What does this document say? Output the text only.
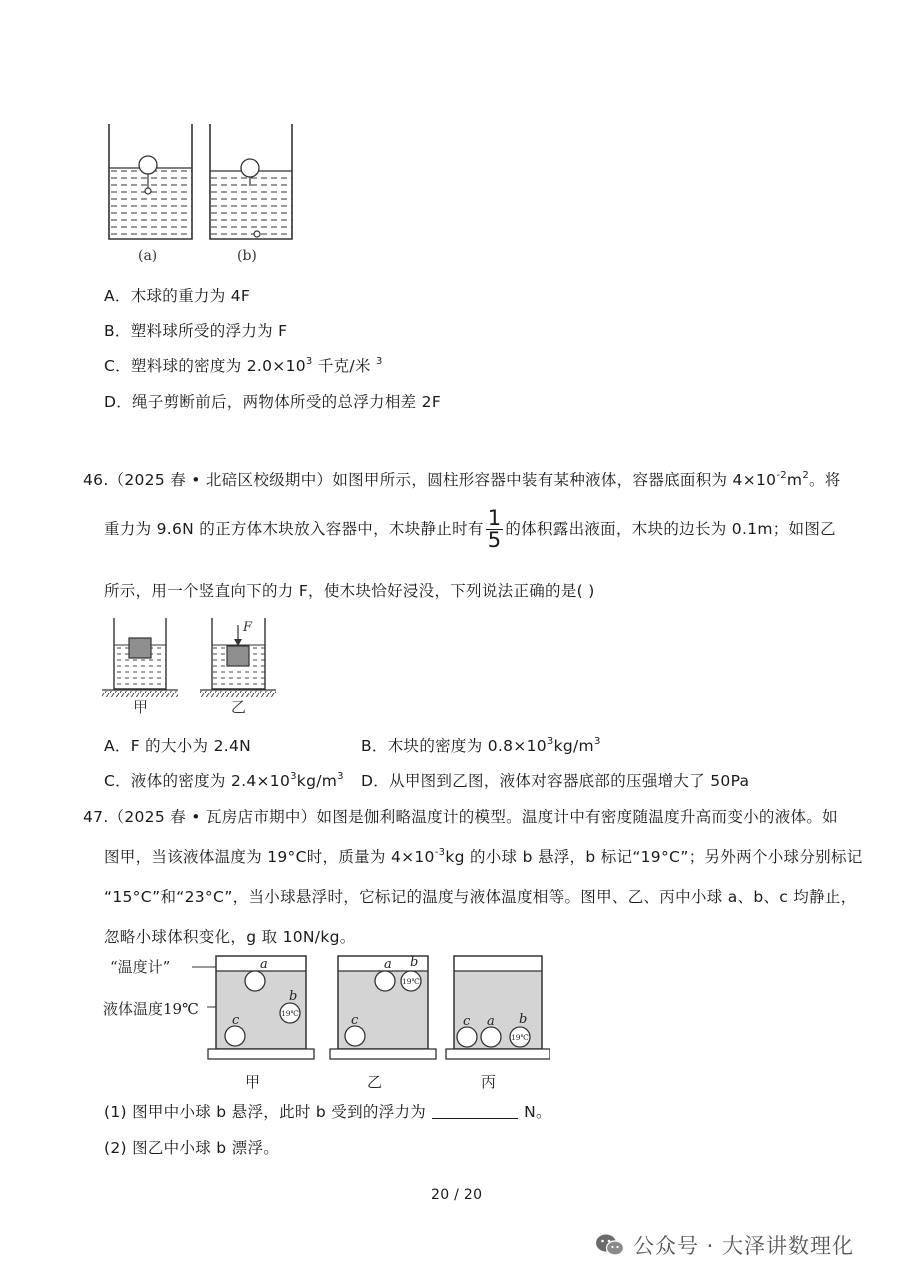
(a)	(b)
A．木球的重力为 4F
B．塑料球所受的浮力为 F
C．塑料球的密度为 $2.0\times 10^3$ 千克/米 $^3$
D．绳子剪断前后，两物体所受的总浮力相差 2F
46.（2025 春 • 北碚区校级期中）如图甲所示，圆柱形容器中装有某种液体，容器底面积为 $4\times 10^{-2}m^2$。将
重力为 9.6N 的正方体木块放入容器中，木块静止时有 $\frac{1}{5}$ 的体积露出液面，木块的边长为 0.1m；如图乙
所示，用一个竖直向下的力 F，使木块恰好浸没，下列说法正确的是( )
F
甲	乙
A．F 的大小为 2.4N	B．木块的密度为 $0.8\times 10^3kg/m^3$
C．液体的密度为 $2.4\times 10^3kg/m^3$ D．从甲图到乙图，液体对容器底部的压强增大了 50Pa
47.（2025 春 • 瓦房店市期中）如图是伽利略温度计的模型。温度计中有密度随温度升高而变小的液体。如
图甲，当该液体温度为 19°C时，质量为 $4\times 10^{-3}kg$ 的小球 b 悬浮，b 标记“19°C”；另外两个小球分别标记
“15°C”和“23°C”，当小球悬浮时，它标记的温度与液体温度相等。图甲、乙、丙中小球 a、b、c 均静止，
忽略小球体积变化，g 取 10N/kg。
“温度计”
液体温度19℃
a
19℃
b
c
甲
a
19℃
b
c
乙
c a
19℃
b
丙
(1) 图甲中小球 b 悬浮，此时 b 受到的浮力为	N。
(2) 图乙中小球 b 漂浮。
20 / 20
公众号 · 大泽讲数理化
